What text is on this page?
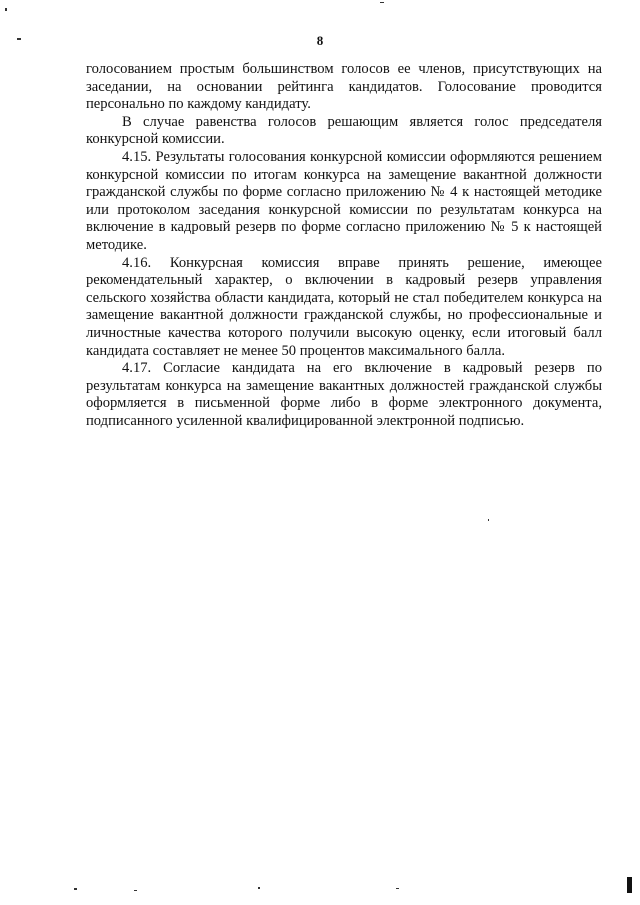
8

голосованием простым большинством голосов ее членов, присутствующих на заседании, на основании рейтинга кандидатов. Голосование проводится персонально по каждому кандидату.

В случае равенства голосов решающим является голос председателя конкурсной комиссии.

4.15. Результаты голосования конкурсной комиссии оформляются решением конкурсной комиссии по итогам конкурса на замещение вакантной должности гражданской службы по форме согласно приложению № 4 к настоящей методике или протоколом заседания конкурсной комиссии по результатам конкурса на включение в кадровый резерв по форме согласно приложению № 5 к настоящей методике.

4.16. Конкурсная комиссия вправе принять решение, имеющее рекомендательный характер, о включении в кадровый резерв управления сельского хозяйства области кандидата, который не стал победителем конкурса на замещение вакантной должности гражданской службы, но профессиональные и личностные качества которого получили высокую оценку, если итоговый балл кандидата составляет не менее 50 процентов максимального балла.

4.17. Согласие кандидата на его включение в кадровый резерв по результатам конкурса на замещение вакантных должностей гражданской службы оформляется в письменной форме либо в форме электронного документа, подписанного усиленной квалифицированной электронной подписью.
